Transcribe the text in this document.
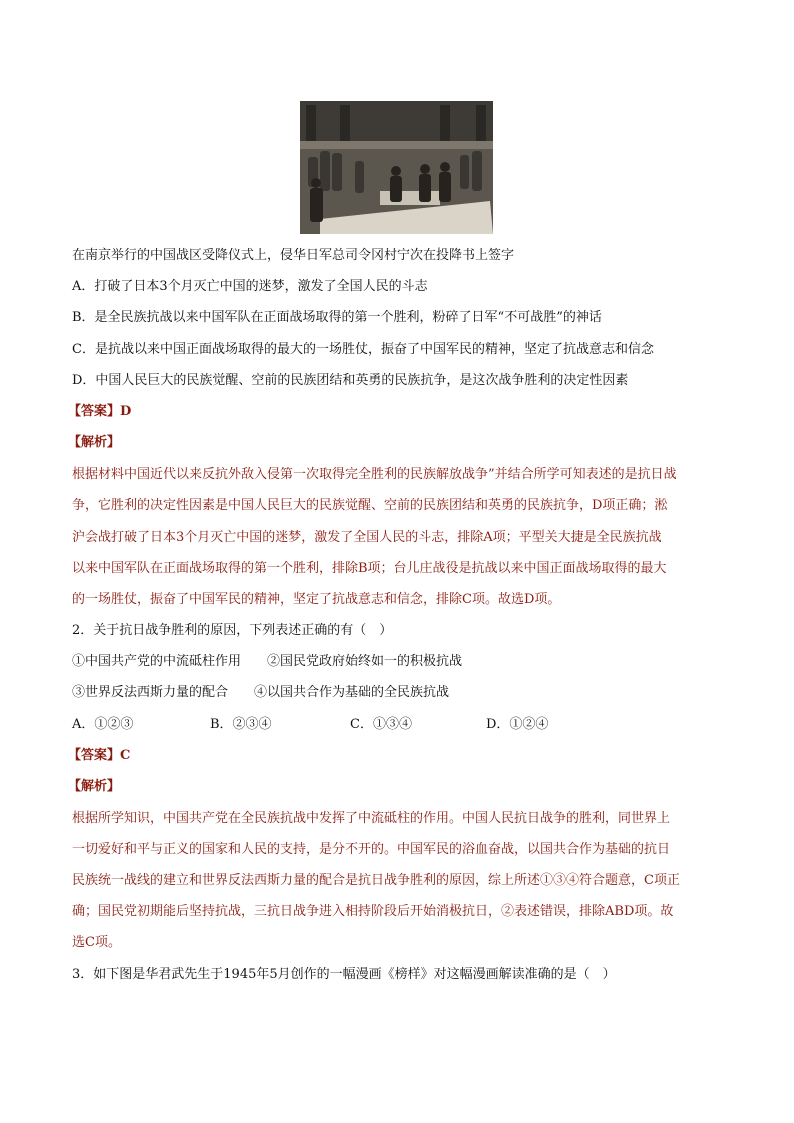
在南京举行的中国战区受降仪式上，侵华日军总司令冈村宁次在投降书上签字
A．打破了日本3个月灭亡中国的迷梦，激发了全国人民的斗志
B．是全民族抗战以来中国军队在正面战场取得的第一个胜利，粉碎了日军“不可战胜”的神话
C．是抗战以来中国正面战场取得的最大的一场胜仗，振奋了中国军民的精神，坚定了抗战意志和信念
D．中国人民巨大的民族觉醒、空前的民族团结和英勇的民族抗争，是这次战争胜利的决定性因素
【答案】D
【解析】
根据材料中国近代以来反抗外敌入侵第一次取得完全胜利的民族解放战争”并结合所学可知表述的是抗日战
争，它胜利的决定性因素是中国人民巨大的民族觉醒、空前的民族团结和英勇的民族抗争，D项正确；淞
沪会战打破了日本3个月灭亡中国的迷梦，激发了全国人民的斗志，排除A项；平型关大捷是全民族抗战
以来中国军队在正面战场取得的第一个胜利，排除B项；台儿庄战役是抗战以来中国正面战场取得的最大
的一场胜仗，振奋了中国军民的精神，坚定了抗战意志和信念，排除C项。故选D项。
2．关于抗日战争胜利的原因，下列表述正确的有（　）
①中国共产党的中流砥柱作用　　②国民党政府始终如一的积极抗战
③世界反法西斯力量的配合　　④以国共合作为基础的全民族抗战
A．①②③	B．②③④	C．①③④	D．①②④
【答案】C
【解析】
根据所学知识，中国共产党在全民族抗战中发挥了中流砥柱的作用。中国人民抗日战争的胜利，同世界上
一切爱好和平与正义的国家和人民的支持，是分不开的。中国军民的浴血奋战，以国共合作为基础的抗日
民族统一战线的建立和世界反法西斯力量的配合是抗日战争胜利的原因，综上所述①③④符合题意，C项正
确；国民党初期能后坚持抗战，三抗日战争进入相持阶段后开始消极抗日，②表述错误，排除ABD项。故
选C项。
3．如下图是华君武先生于1945年5月创作的一幅漫画《榜样》对这幅漫画解读准确的是（　）
